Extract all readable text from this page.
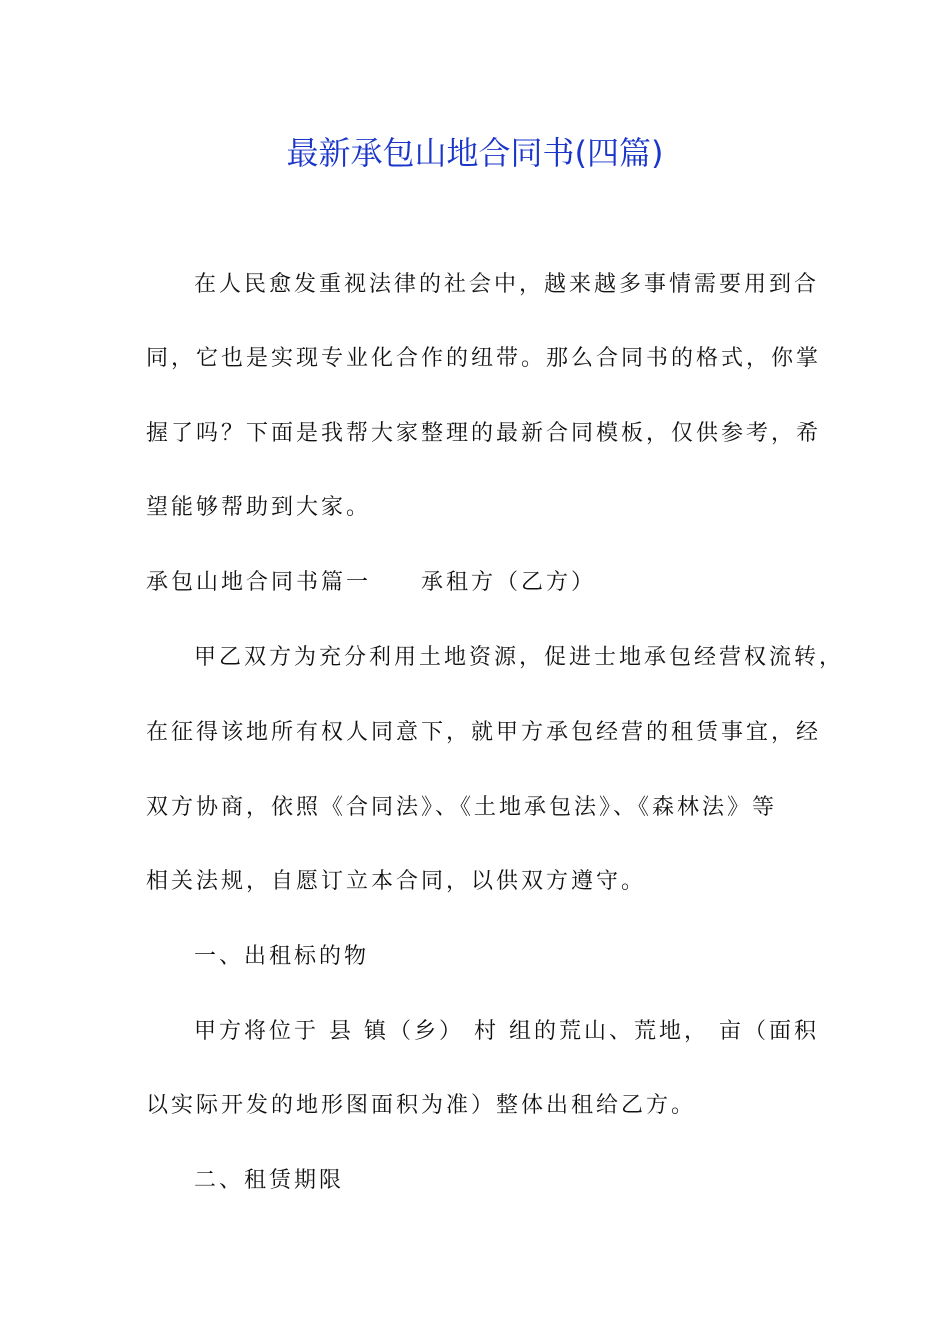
最新承包山地合同书(四篇)
在人民愈发重视法律的社会中，越来越多事情需要用到合
同，它也是实现专业化合作的纽带。那么合同书的格式，你掌
握了吗？下面是我帮大家整理的最新合同模板，仅供参考，希
望能够帮助到大家。
承包山地合同书篇一　　承租方（乙方）
甲乙双方为充分利用土地资源，促进士地承包经营权流转，
在征得该地所有权人同意下，就甲方承包经营的租赁事宜，经
双方协商，依照《合同法》、《土地承包法》、《森林法》等
相关法规，自愿订立本合同，以供双方遵守。
一、出租标的物
甲方将位于 县 镇（乡） 村 组的荒山、荒地， 亩（面积
以实际开发的地形图面积为准）整体出租给乙方。
二、租赁期限
